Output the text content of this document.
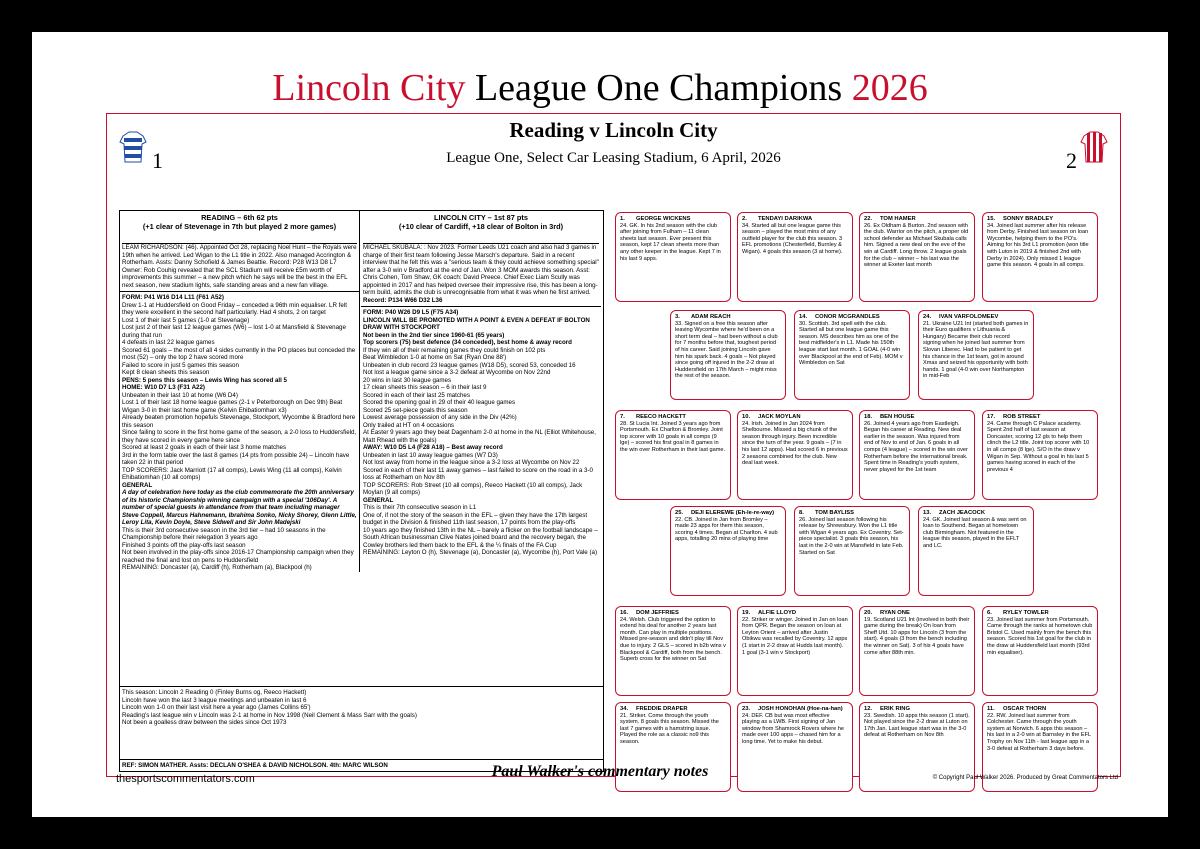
Lincoln City League One Champions 2026
1
Reading v Lincoln City
League One, Select Car Leasing Stadium, 6 April, 2026	2
READING – 6th 62 pts
(+1 clear of Stevenage in 7th but played 2 more games)

LEAM RICHARDSON: (46). Appointed Oct 28, replacing Noel Hunt – the Royals were 19th when he arrived. Led Wigan to the L1 title in 2022. Also managed Accrington & Rotherham. Assts: Danny Schofield & James Beattie. Record: P28 W13 D8 L7

Owner: Rob Couhig revealed that the SCL Stadium will receive £5m worth of improvements this summer – a new pitch which he says will be the best in the EFL next season, new stadium lights, safe standing areas and a new fan village.

FORM: P41 W16 D14 L11 (F61 A52)

Drew 1-1 at Huddersfield on Good Friday – conceded a 96th min equaliser. LR felt they were excellent in the second half particularly. Had 4 shots, 2 on target

Lost 1 of their last 5 games (1-0 at Stevenage)

Lost just 2 of their last 12 league games (W6) – lost 1-0 at Mansfield & Stevenage during that run

4 defeats in last 22 league games

Scored 61 goals – the most of all 4 sides currently in the PO places but conceded the most (52) – only the top 2 have scored more

Failed to score in just 5 games this season

Kept 8 clean sheets this season

PENS: 5 pens this season – Lewis Wing has scored all 5

HOME: W10 D7 L3 (F31 A22)

Unbeaten in their last 10 at home (W6 D4)

Lost 1 of their last 18 home league games (2-1 v Peterborough on Dec 9th) Beat Wigan 3-0 in their last home game (Kelvin Ehibatiomhan x3)

Already beaten promotion hopefuls Stevenage, Stockport, Wycombe & Bradford here this season

Since failing to score in the first home game of the season, a 2-0 loss to Huddersfield, they have scored in every game here since

Scored at least 2 goals in each of their last 3 home matches

3rd in the form table over the last 8 games (14 pts from possible 24) – Lincoln have taken 22 in that period

TOP SCORERS: Jack Marriott (17 all comps), Lewis Wing (11 all comps), Kelvin Ehibatiomhan (10 all comps)

GENERAL

A day of celebration here today as the club commemorate the 20th anniversary of its historic Championship winning campaign with a special '106Day'. A number of special guests in attendance from that team including manager Steve Coppell, Marcus Hahnemann, Ibrahima Sonko, Nicky Shorey, Glenn Little, Leroy Lita, Kevin Doyle, Steve Sidwell and Sir John Madejski

This is their 3rd consecutive season in the 3rd tier – had 10 seasons in the Championship before their relegation 3 years ago

Finished 3 points off the play-offs last season

Not been involved in the play-offs since 2016-17 Championship campaign when they reached the final and lost on pens to Huddersfield

REMAINING: Doncaster (a), Cardiff (h), Rotherham (a), Blackpool (h)

LINCOLN CITY – 1st 87 pts
(+10 clear of Cardiff, +18 clear of Bolton in 3rd)

MICHAEL SKUBALA: : Nov 2023. Former Leeds U21 coach and also had 3 games in charge of their first team following Jesse Marsch's departure. Said in a recent interview that he felt this was a "serious team & they could achieve something special" after a 3-0 win v Bradford at the end of Jan. Won 3 MOM awards this season. Asst: Chris Cohen, Tom Shaw, GK coach: David Preece. Chief Exec Liam Scully was appointed in 2017 and has helped oversee their impressive rise, this has been a long-term build, admits the club is unrecognisable from what it was when he first arrived.

Record: P134 W66 D32 L36

FORM: P40 W26 D9 L5 (F75 A34)

LINCOLN WILL BE PROMOTED WITH A POINT & EVEN A DEFEAT IF BOLTON DRAW WITH STOCKPORT

Not been in the 2nd tier since 1960-61 (65 years)

Top scorers (75) best defence (34 conceded), best home & away record

If they win all of their remaining games they could finish on 102 pts

Beat Wimbledon 1-0 at home on Sat (Ryan One 88')

Unbeaten in club record 23 league games (W18 D5), scored 53, conceded 16

Not lost a league game since a 3-2 defeat at Wycombe on Nov 22nd

20 wins in last 30 league games

17 clean sheets this season – 6 in their last 9

Scored in each of their last 25 matches

Scored the opening goal in 29 of their 40 league games

Scored 25 set-piece goals this season

Lowest average possession of any side in the Div (42%)

Only trailed at HT on 4 occasions

At Easter 9 years ago they beat Dagenham 2-0 at home in the NL (Elliot Whitehouse, Matt Rhead with the goals)

AWAY: W10 D5 L4 (F28 A18) – Best away record

Unbeaten in last 10 away league games (W7 D3)

Not lost away from home in the league since a 3-2 loss at Wycombe on Nov 22

Scored in each of their last 11 away games – last failed to score on the road in a 3-0 loss at Rotherham on Nov 8th

TOP SCORERS: Rob Street (10 all comps), Reeco Hackett (10 all comps), Jack Moylan (9 all comps)

GENERAL

This is their 7th consecutive season in L1

One of, if not the story of the season in the EFL – given they have the 17th largest budget in the Division & finished 11th last season, 17 points from the play-offs

10 years ago they finished 13th in the NL – barely a flicker on the football landscape – South African businessman Clive Nates joined board and the recovery began, the Cowley brothers led them back to the EFL & the ¼ finals of the FA Cup

REMAINING: Leyton O (h), Stevenage (a), Doncaster (a), Wycombe (h), Port Vale (a)

This season: Lincoln 2 Reading 0 (Finley Burns og, Reeco Hackett)

Lincoln have won the last 3 league meetings and unbeaten in last 6

Lincoln won 1-0 on their last visit here a year ago (James Collins 65')

Reading's last league win v Lincoln was 2-1 at home in Nov 1998 (Neil Clement & Mass Sarr with the goals)

Not been a goalless draw between the sides since Oct 1973

REF: SIMON MATHER. Assts: DECLAN O'SHEA & DAVID NICHOLSON. 4th: MARC WILSON
1. GEORGE WICKENS
24. GK. In his 2nd season with the club after joining from Fulham – 11 clean sheets last season. Ever present this season, kept 17 clean sheets more than any other keeper in the league. Kept 7 in his last 9 apps.
2. TENDAYI DARIKWA
34. Started all but one league game this season – played the most mins of any outfield player for the club this season. 3 EFL promotions (Chesterfield, Burnley & Wigan). 4 goals this season (3 at home).
22. TOM HAMER
26. Ex Oldham & Burton. 2nd season with the club. Warrior on the pitch, a proper old school defender as Michael Skubala calls him. Signed a new deal on the eve of the win at Cardiff. Long throw. 2 league goals for the club – winner – his last was the winner at Exeter last month
15. SONNY BRADLEY
34. Joined last summer after his release from Derby. Finished last season on loan Wycombe, helping them to the PO's. Aiming for his 3rd L1 promotion (won title with Luton in 2019 & finished 2nd with Derby in 2024). Only missed 1 league game this season. 4 goals in all comps.
3. ADAM REACH
33. Signed on a free this season after leaving Wycombe where he'd been on a short term deal – had been without a club for 7 months before that, toughest period of his career. Said joining Lincoln gave him his spark back. 4 goals – Not played since going off injured in the 2-2 draw at Huddersfield on 17th March – might miss the rest of the season.
14. CONOR MCGRANDLES
30. Scottish. 3rd spell with the club. Started all but one league game this season. MS describes him as one of the best midfielder's in L1. Made his 150th league start last month. 1 GOAL (4-0 win over Blackpool at the end of Feb). MOM v Wimbledon on Sat
24. IVAN VARFOLOMEEV
21. Ukraine U21 Int (started both games in their Euro qualifiers v Lithuania & Hungary) Became their club record signing when he joined last summer from Slovan Liberec. Had to be patient to get his chance in the 1st team, got in around Xmas and seized his opportunity with both hands. 1 goal (4-0 win over Northampton in mid-Feb
7. REECO HACKETT
28. St Lucia Int. Joined 3 years ago from Portsmouth. Ex Charlton & Bromley. Joint top scorer with 10 goals in all comps (9 lge) – scored his first goal in 8 games in the win over Rotherham in their last game.
10. JACK MOYLAN
24. Irish. Joined in Jan 2024 from Shelbourne. Missed a big chunk of the season through injury. Been incredible since the turn of the year. 9 goals – (7 in his last 12 apps). Had scored 6 in previous 2 seasons combined for the club. New deal last week.
18. BEN HOUSE
26. Joined 4 years ago from Eastleigh. Began his career at Reading. New deal earlier in the season. Was injured from end of Nov to end of Jan. 6 goals in all comps (4 league) – scored in the win over Rotherham before the international break. Spent time in Reading's youth system, never played for the 1st team
17. ROB STREET
24. Came through C Palace academy. Spent 2nd half of last season at Doncaster, scoring 12 gls to help them clinch the L2 title. Joint top scorer with 10 in all comps (8 lge). S/O in the draw v Wigan in Sep. Without a goal in his last 5 games having scored in each of the previous 4
25. DEJI ELEREWE (Eh-le-re-way)
22. CB. Joined in Jan from Bromley – made 23 apps for them this season, scoring 4 times. Began at Charlton. 4 sub apps, totalling 20 mins of playing time
8. TOM BAYLISS
26. Joined last season following his release by Shrewsbury. Won the L1 title with Wigan 4 years ago. Ex Coventry. Set-piece specialist. 3 goals this season, his last in the 2-0 win at Mansfield in late Feb. Started on Sat
13. ZACH JEACOCK
24. GK. Joined last season & was sent on loan to Southend. Began at hometown club Birmingham. Not featured in the league this season, played in the EFLT and LC.
16. DOM JEFFRIES
24. Welsh. Club triggered the option to extend his deal for another 2 years last month. Can play in multiple positions. Missed pre-season and didn't play till Nov due to injury. 2 GLS – scored in b2b wins v Blackpool & Cardiff, both from the bench. Superb cross for the winner on Sat
19. ALFIE LLOYD
22. Striker or winger. Joined in Jan on loan from QPR. Began the season on loan at Leyton Orient – arrived after Justin Obikwu was recalled by Coventry. 12 apps (1 start in 2-2 draw at Hudds last month). 1 goal (3-1 win v Stockport)
20. RYAN ONE
19. Scotland U21 Int (involved in both their game during the break) On loan from Sheff Utd. 10 apps for Lincoln (3 from the start). 4 goals (3 from the bench including the winner on Sat). 3 of his 4 goals have come after 88th min.
6. RYLEY TOWLER
23. Joined last summer from Portsmouth. Came through the ranks at hometown club Bristol C. Used mainly from the bench this season. Scored his 1st goal for the club in the draw at Huddersfield last month (93rd min equaliser).
34. FREDDIE DRAPER
21. Striker. Come through the youth system. 8 goals this season. Missed the last 7 games with a hamstring issue. Played the role as a classic no9 this season.
23. JOSH HONOHAN (Hoe-na-han)
24. DEF. CB but was most effective playing as a LWB. First signing of Jan window from Shamrock Rovers where he made over 100 apps – chased him for a long time. Yet to make his debut.
12. ERIK RING
23. Swedish. 10 apps this season (1 start). Not played since the 2-2 draw at Luton on 17th Jan. Last league start was in the 3-0 defeat at Rotherham on Nov 8th
11. OSCAR THORN
22. RW. Joined last summer from Colchester. Came through the youth system at Norwich. 6 apps this season – his last in a 2-0 win at Barnsley in the EFL Trophy on Nov 11th - last league app in a 3-0 defeat at Rotherham 3 days before.
thesportscommentators.com	Paul Walker's commentary notes	© Copyright Paul Walker 2026. Produced by Great Commentators Ltd
